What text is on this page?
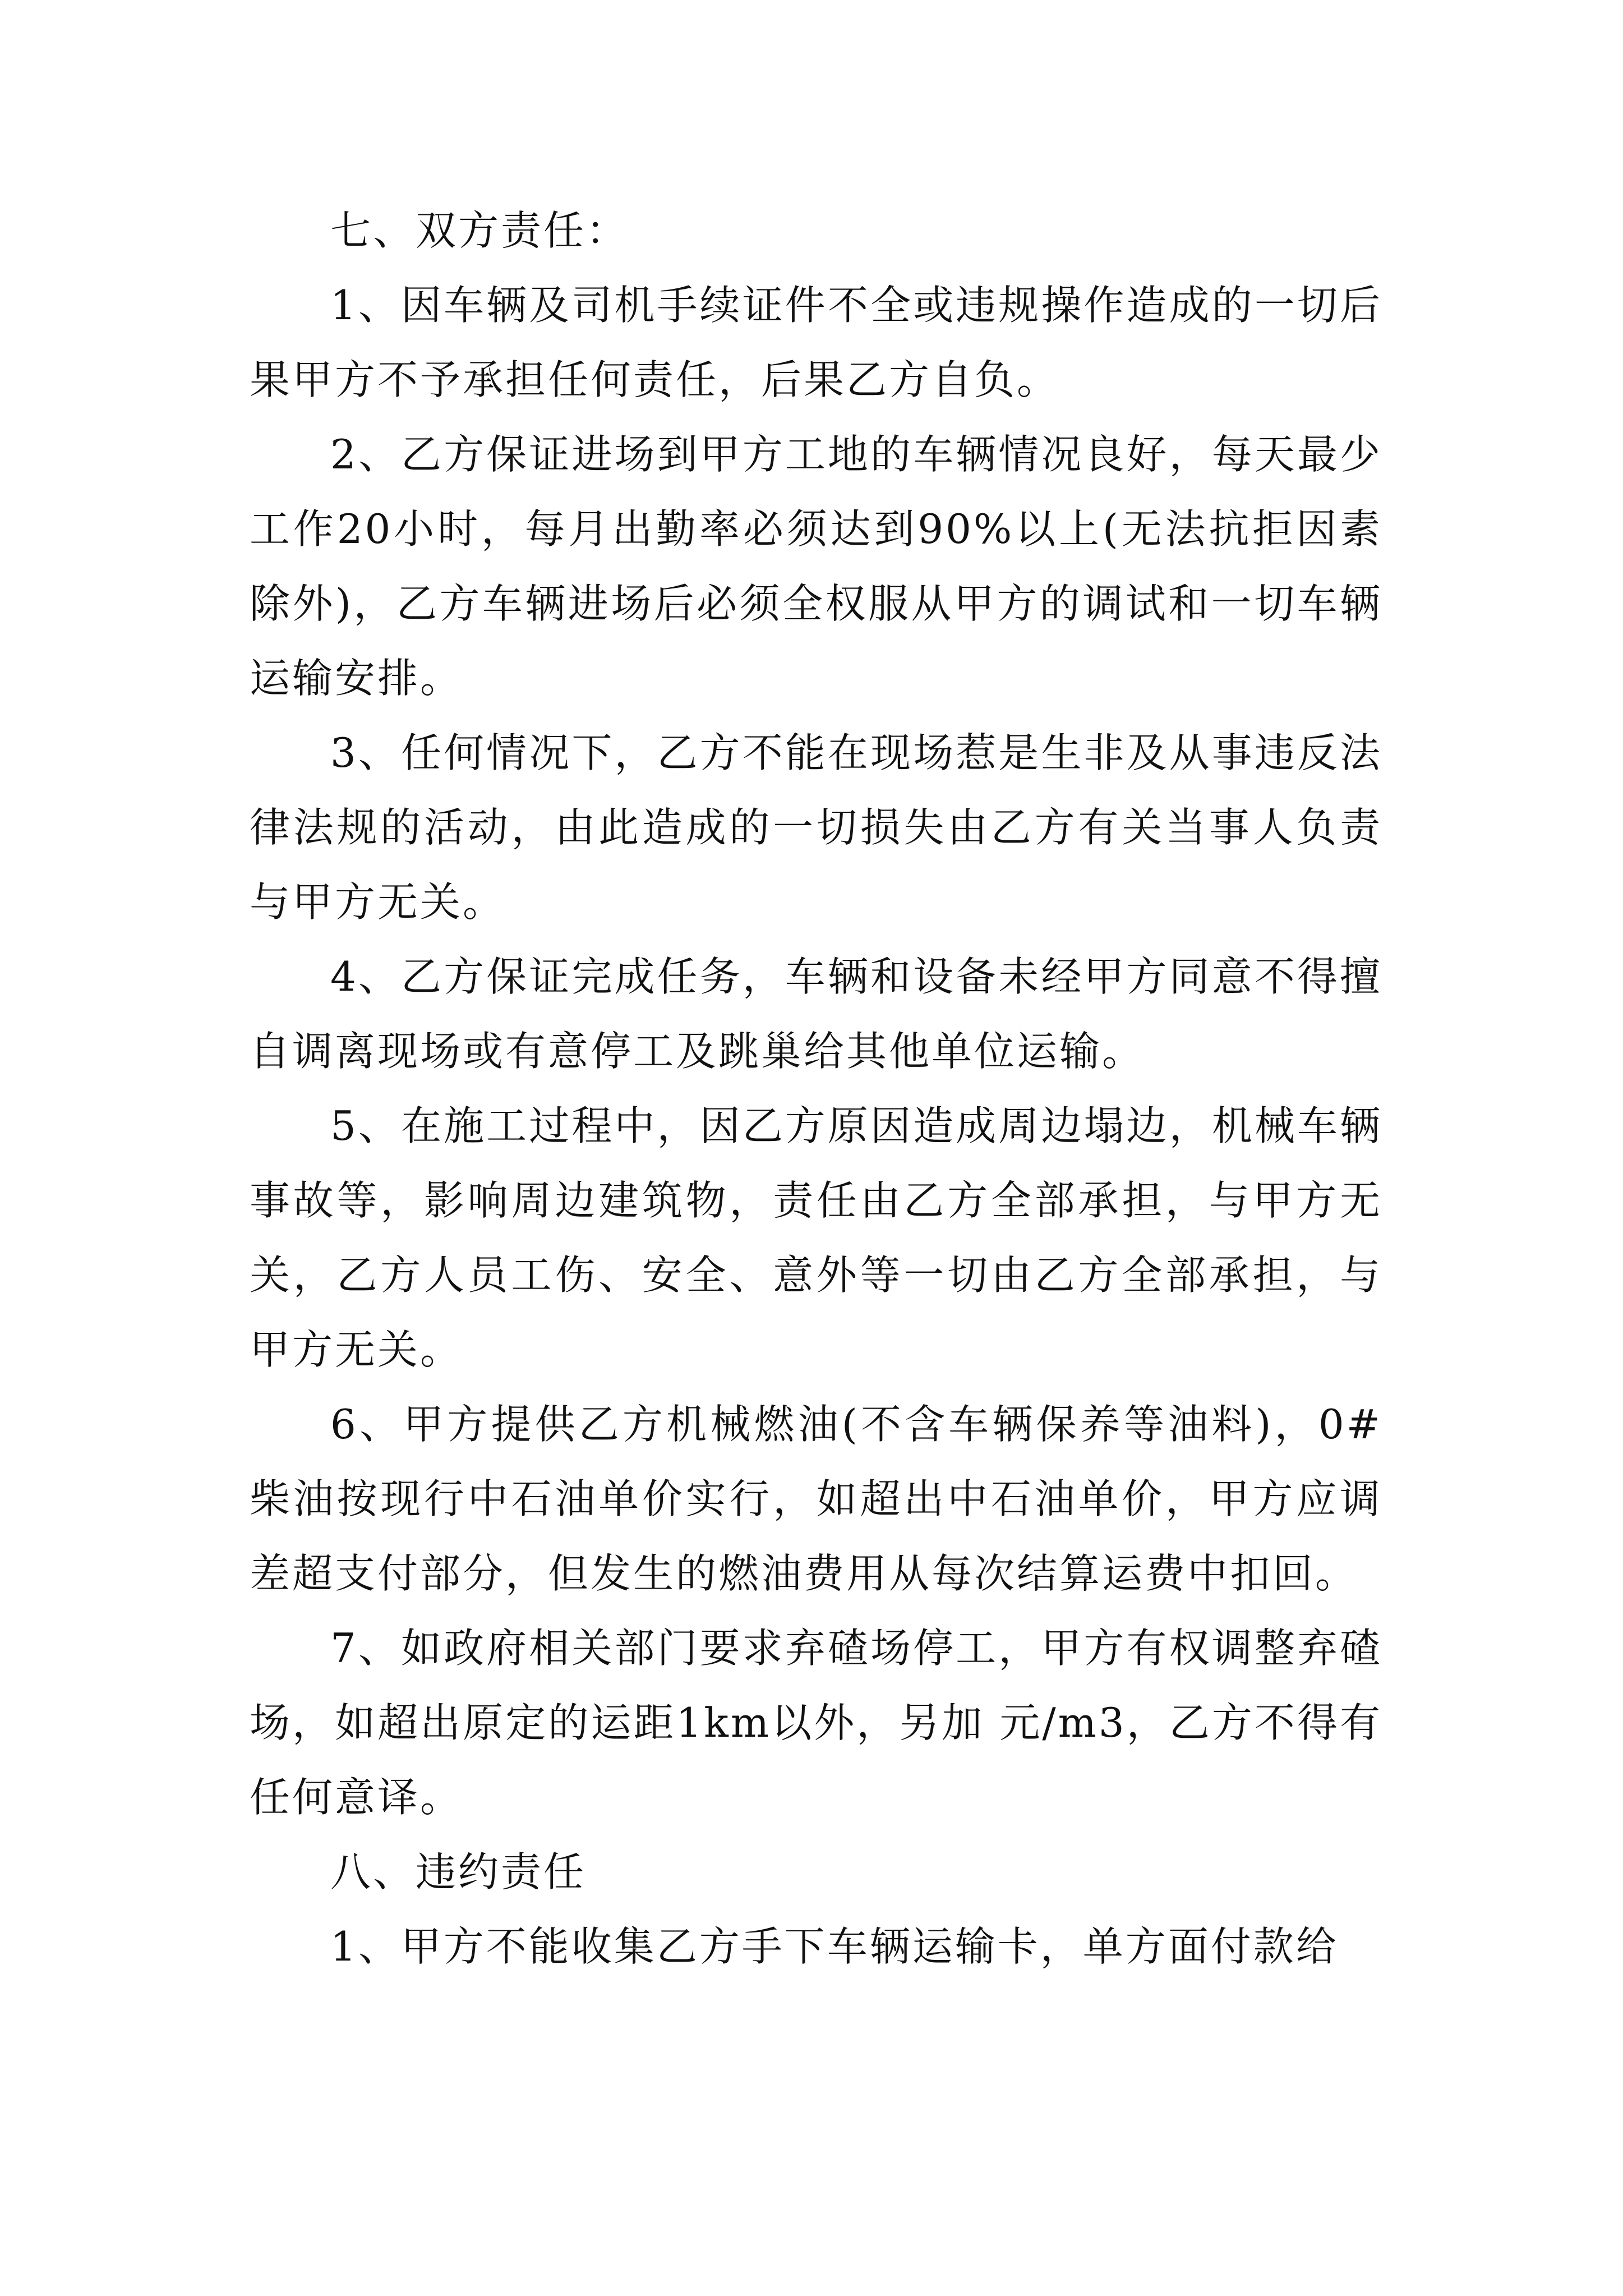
七、双方责任：

1、因车辆及司机手续证件不全或违规操作造成的一切后果甲方不予承担任何责任，后果乙方自负。

2、乙方保证进场到甲方工地的车辆情况良好，每天最少工作20小时，每月出勤率必须达到90%以上(无法抗拒因素除外)，乙方车辆进场后必须全权服从甲方的调试和一切车辆运输安排。

3、任何情况下，乙方不能在现场惹是生非及从事违反法律法规的活动，由此造成的一切损失由乙方有关当事人负责与甲方无关。

4、乙方保证完成任务，车辆和设备未经甲方同意不得擅自调离现场或有意停工及跳巢给其他单位运输。

5、在施工过程中，因乙方原因造成周边塌边，机械车辆事故等，影响周边建筑物，责任由乙方全部承担，与甲方无关，乙方人员工伤、安全、意外等一切由乙方全部承担，与甲方无关。

6、甲方提供乙方机械燃油(不含车辆保养等油料)，0#柴油按现行中石油单价实行，如超出中石油单价，甲方应调差超支付部分，但发生的燃油费用从每次结算运费中扣回。

7、如政府相关部门要求弃碴场停工，甲方有权调整弃碴场，如超出原定的运距1km以外，另加 元/m3，乙方不得有任何意译。

八、违约责任

1、甲方不能收集乙方手下车辆运输卡，单方面付款给
